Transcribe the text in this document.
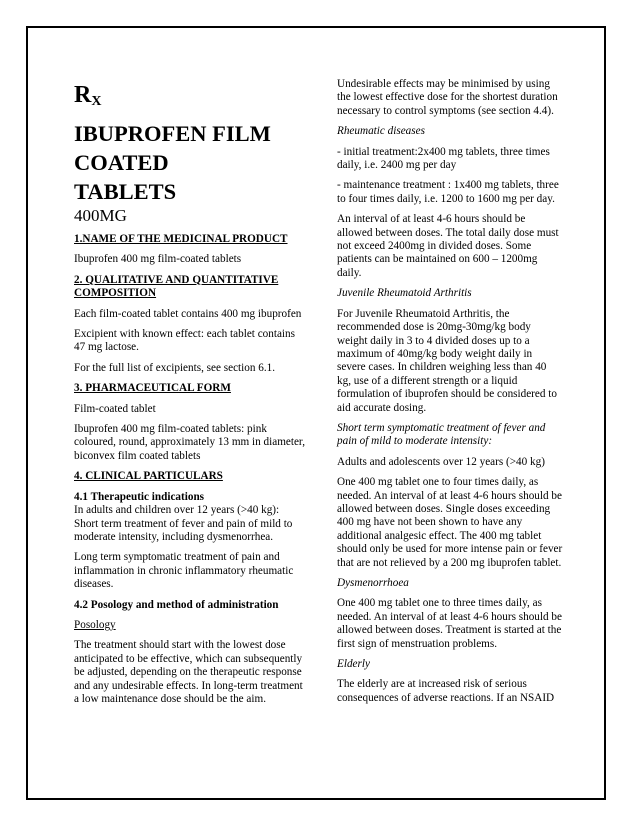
$R_X$
IBUPROFEN FILM
COATED
TABLETS
400MG
1.NAME OF THE MEDICINAL PRODUCT

Ibuprofen 400 mg film-coated tablets

2. QUALITATIVE AND QUANTITATIVE COMPOSITION

Each film-coated tablet contains 400 mg ibuprofen

Excipient with known effect: each tablet contains 47 mg lactose.

For the full list of excipients, see section 6.1.

3. PHARMACEUTICAL FORM

Film-coated tablet

Ibuprofen 400 mg film-coated tablets: pink coloured, round, approximately 13 mm in diameter, biconvex film coated tablets

4. CLINICAL PARTICULARS
4.1 Therapeutic indications

In adults and children over 12 years (>40 kg): Short term treatment of fever and pain of mild to moderate intensity, including dysmenorrhea.

Long term symptomatic treatment of pain and inflammation in chronic inflammatory rheumatic diseases.

4.2 Posology and method of administration

Posology

The treatment should start with the lowest dose anticipated to be effective, which can subsequently be adjusted, depending on the therapeutic response and any undesirable effects. In long-term treatment a low maintenance dose should be the aim.

Undesirable effects may be minimised by using the lowest effective dose for the shortest duration necessary to control symptoms (see section 4.4).

Rheumatic diseases

- initial treatment:2x400 mg tablets, three times daily, i.e. 2400 mg per day

- maintenance treatment : 1x400 mg tablets, three to four times daily, i.e. 1200 to 1600 mg per day.

An interval of at least 4-6 hours should be allowed between doses. The total daily dose must not exceed 2400mg in divided doses. Some patients can be maintained on 600 – 1200mg daily.

Juvenile Rheumatoid Arthritis

For Juvenile Rheumatoid Arthritis, the recommended dose is 20mg-30mg/kg body weight daily in 3 to 4 divided doses up to a maximum of 40mg/kg body weight daily in severe cases. In children weighing less than 40 kg, use of a different strength or a liquid formulation of ibuprofen should be considered to aid accurate dosing.

Short term symptomatic treatment of fever and pain of mild to moderate intensity:

Adults and adolescents over 12 years (>40 kg)

One 400 mg tablet one to four times daily, as needed. An interval of at least 4-6 hours should be allowed between doses. Single doses exceeding 400 mg have not been shown to have any additional analgesic effect. The 400 mg tablet should only be used for more intense pain or fever that are not relieved by a 200 mg ibuprofen tablet.

Dysmenorrhoea

One 400 mg tablet one to three times daily, as needed. An interval of at least 4-6 hours should be allowed between doses. Treatment is started at the first sign of menstruation problems.

Elderly

The elderly are at increased risk of serious consequences of adverse reactions. If an NSAID
